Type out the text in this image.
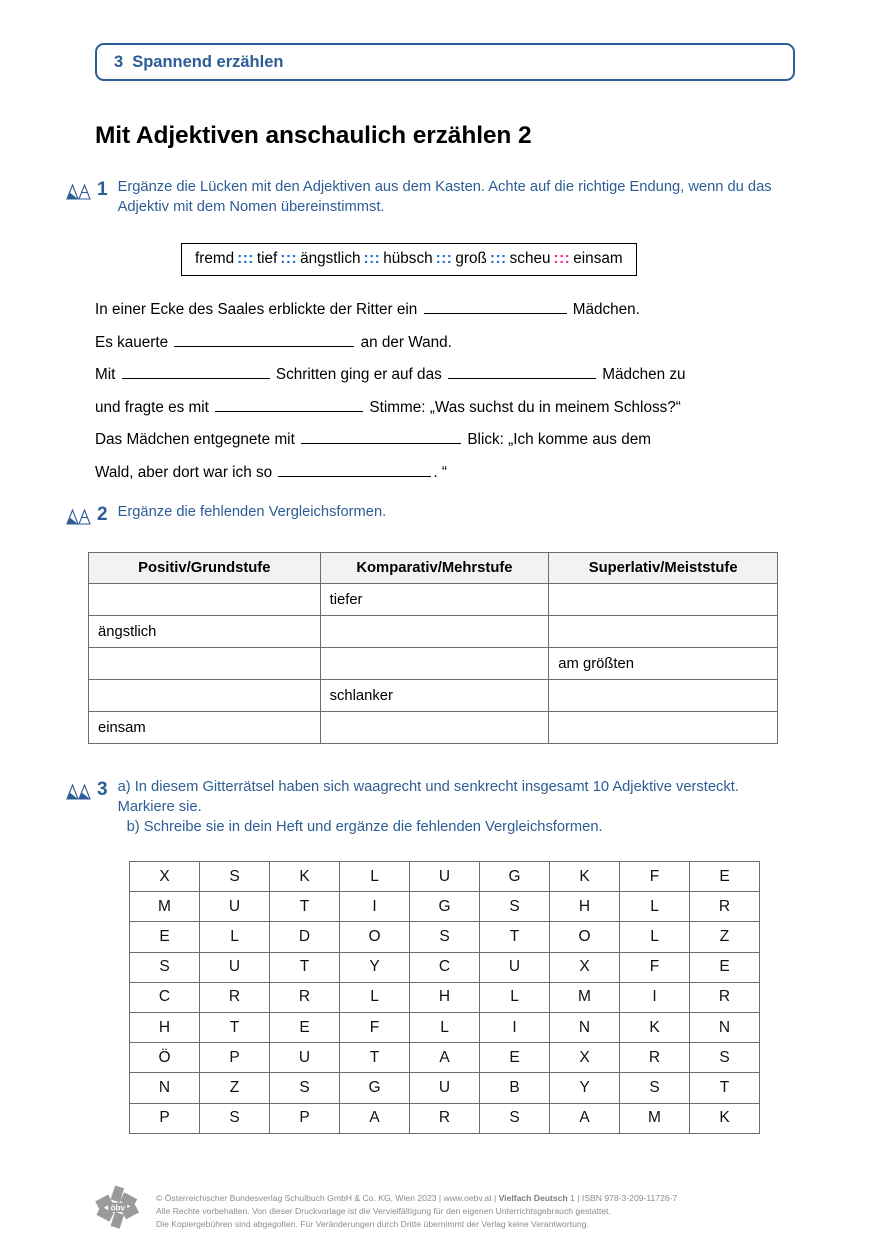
3 Spannend erzählen
Mit Adjektiven anschaulich erzählen 2
1 Ergänze die Lücken mit den Adjektiven aus dem Kasten. Achte auf die richtige Endung, wenn du das Adjektiv mit dem Nomen übereinstimmst.
fremd ::: tief ::: ängstlich ::: hübsch ::: groß ::: scheu ::: einsam
In einer Ecke des Saales erblickte der Ritter ein	Mädchen.
Es kauerte	an der Wand.
Mit	Schritten ging er auf das	Mädchen zu
und fragte es mit	Stimme: „Was suchst du in meinem Schloss?“
Das Mädchen entgegnete mit	Blick: „Ich komme aus dem
Wald, aber dort war ich so	. “
2 Ergänze die fehlenden Vergleichsformen.
Positiv/Grundstufe	Komparativ/Mehrstufe	Superlativ/Meiststufe
	tiefer	
ängstlich		
		am größten
	schlanker	
einsam		
3 a) In diesem Gitterrätsel haben sich waagrecht und senkrecht insgesamt 10 Adjektive versteckt. Markiere sie.
b) Schreibe sie in dein Heft und ergänze die fehlenden Vergleichsformen.
X	S	K	L	U	G	K	F	E
M	U	T	I	G	S	H	L	R
E	L	D	O	S	T	O	L	Z
S	U	T	Y	C	U	X	F	E
C	R	R	L	H	L	M	I	R
H	T	E	F	L	I	N	K	N
Ö	P	U	T	A	E	X	R	S
N	Z	S	G	U	B	Y	S	T
P	S	P	A	R	S	A	M	K
öbv
© Österreichischer Bundesverlag Schulbuch GmbH & Co. KG, Wien 2023 | www.oebv.at | Vielfach Deutsch 1 | ISBN 978-3-209-11726-7
Alle Rechte vorbehalten. Von dieser Druckvorlage ist die Vervielfältigung für den eigenen Unterrichtsgebrauch gestattet.
Die Kopiergebühren sind abgegolten. Für Veränderungen durch Dritte übernimmt der Verlag keine Verantwortung.
